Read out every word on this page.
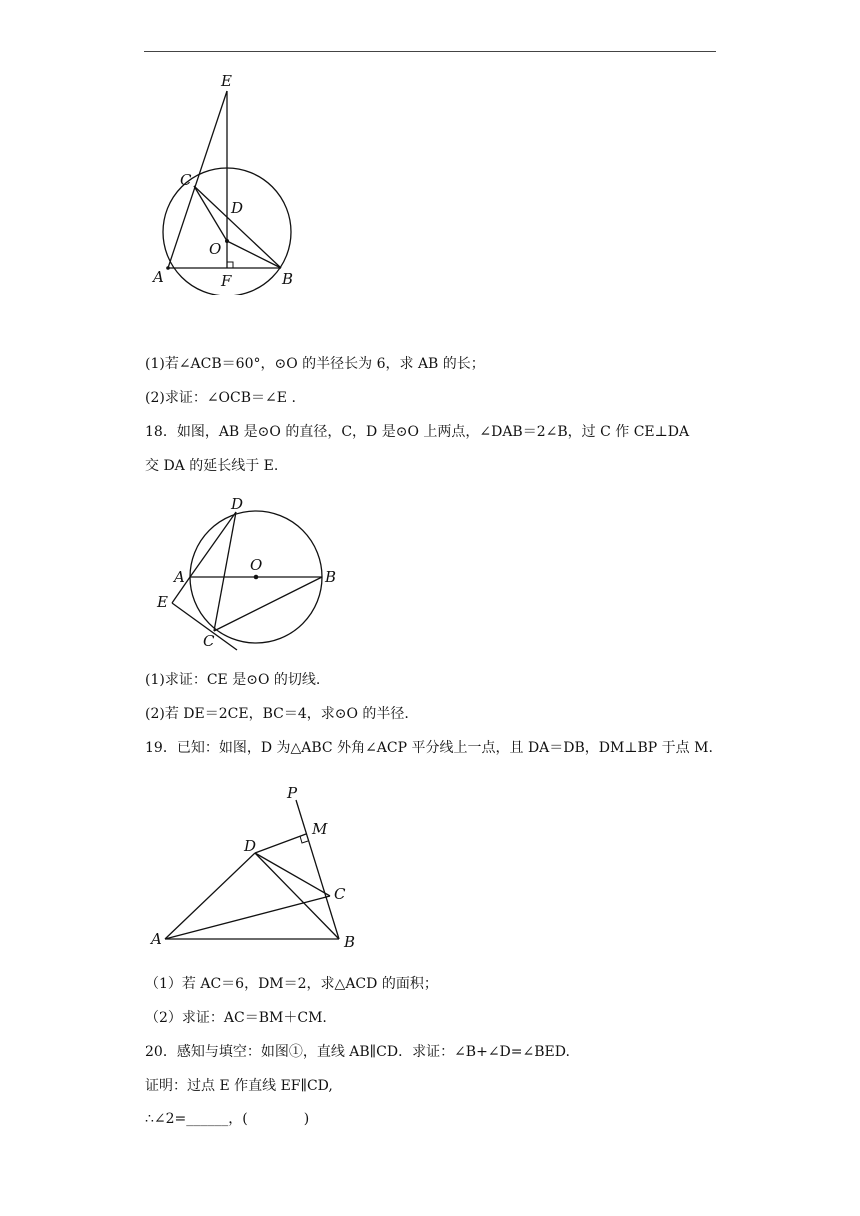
E
C
D
O
A	F	B
(1)若∠ACB＝60°，⊙O 的半径长为 6，求 AB 的长；
(2)求证：∠OCB＝∠E .
18．如图，AB 是⊙O 的直径，C，D 是⊙O 上两点，∠DAB＝2∠B，过 C 作 CE⊥DA
交 DA 的延长线于 E.
D
O
A	B
E
C
(1)求证：CE 是⊙O 的切线.
(2)若 DE＝2CE，BC＝4，求⊙O 的半径.
19．已知：如图，D 为△ABC 外角∠ACP 平分线上一点，且 DA＝DB，DM⊥BP 于点 M.
P
M
D
C
A	B
（1）若 AC＝6，DM＝2，求△ACD 的面积；
（2）求证：AC＝BM＋CM.
20．感知与填空：如图①，直线 AB∥CD．求证：∠B+∠D=∠BED.
证明：过点 E 作直线 EF∥CD,
∴∠2=______，(　　　　)
